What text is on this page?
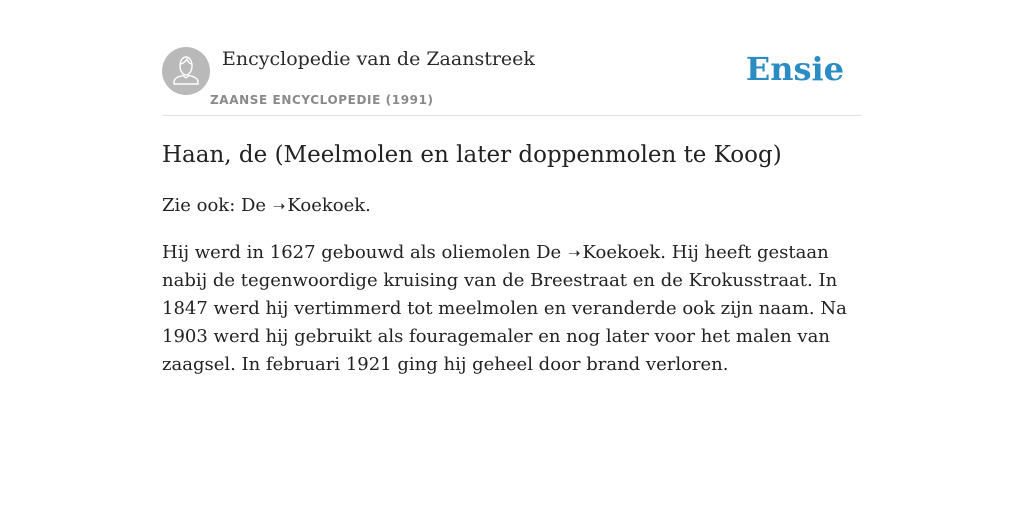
Encyclopedie van de Zaanstreek
ZAANSE ENCYCLOPEDIE (1991)
Ensie
Haan, de (Meelmolen en later doppenmolen te Koog)

Zie ook: De ➝ Koekoek.

Hij werd in 1627 gebouwd als oliemolen De ➝ Koekoek. Hij heeft gestaan nabij de tegenwoordige kruising van de Breestraat en de Krokusstraat. In 1847 werd hij vertimmerd tot meelmolen en veranderde ook zijn naam. Na 1903 werd hij gebruikt als fouragemaler en nog later voor het malen van zaagsel. In februari 1921 ging hij geheel door brand verloren.
